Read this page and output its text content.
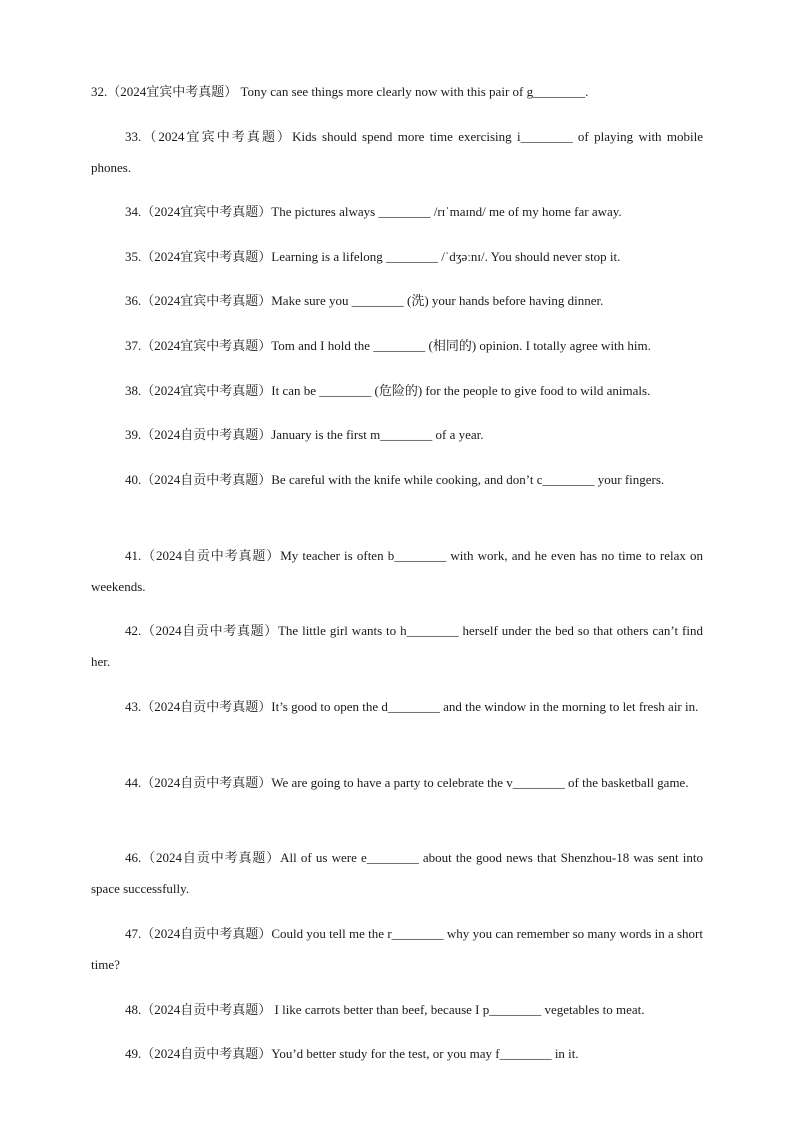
32.（2024宜宾中考真题） Tony can see things more clearly now with this pair of g________.
33.（2024宜宾中考真题）Kids should spend more time exercising i________ of playing with mobile phones.
34.（2024宜宾中考真题）The pictures always ________ /rɪˈmaɪnd/ me of my home far away.
35.（2024宜宾中考真题）Learning is a lifelong ________ /ˈdʒəːnɪ/. You should never stop it.
36.（2024宜宾中考真题）Make sure you ________ (洗) your hands before having dinner.
37.（2024宜宾中考真题）Tom and I hold the ________ (相同的) opinion. I totally agree with him.
38.（2024宜宾中考真题）It can be ________ (危险的) for the people to give food to wild animals.
39.（2024自贡中考真题）January is the first m________ of a year.
40.（2024自贡中考真题）Be careful with the knife while cooking, and don’t c________ your fingers.
41.（2024自贡中考真题）My teacher is often b________ with work, and he even has no time to relax on weekends.
42.（2024自贡中考真题）The little girl wants to h________ herself under the bed so that others can’t find her.
43.（2024自贡中考真题）It’s good to open the d________ and the window in the morning to let fresh air in.
44.（2024自贡中考真题）We are going to have a party to celebrate the v________ of the basketball game.
46.（2024自贡中考真题）All of us were e________ about the good news that Shenzhou-18 was sent into space successfully.
47.（2024自贡中考真题）Could you tell me the r________ why you can remember so many words in a short time?
48.（2024自贡中考真题） I like carrots better than beef, because I p________ vegetables to meat.
49.（2024自贡中考真题）You’d better study for the test, or you may f________ in it.
